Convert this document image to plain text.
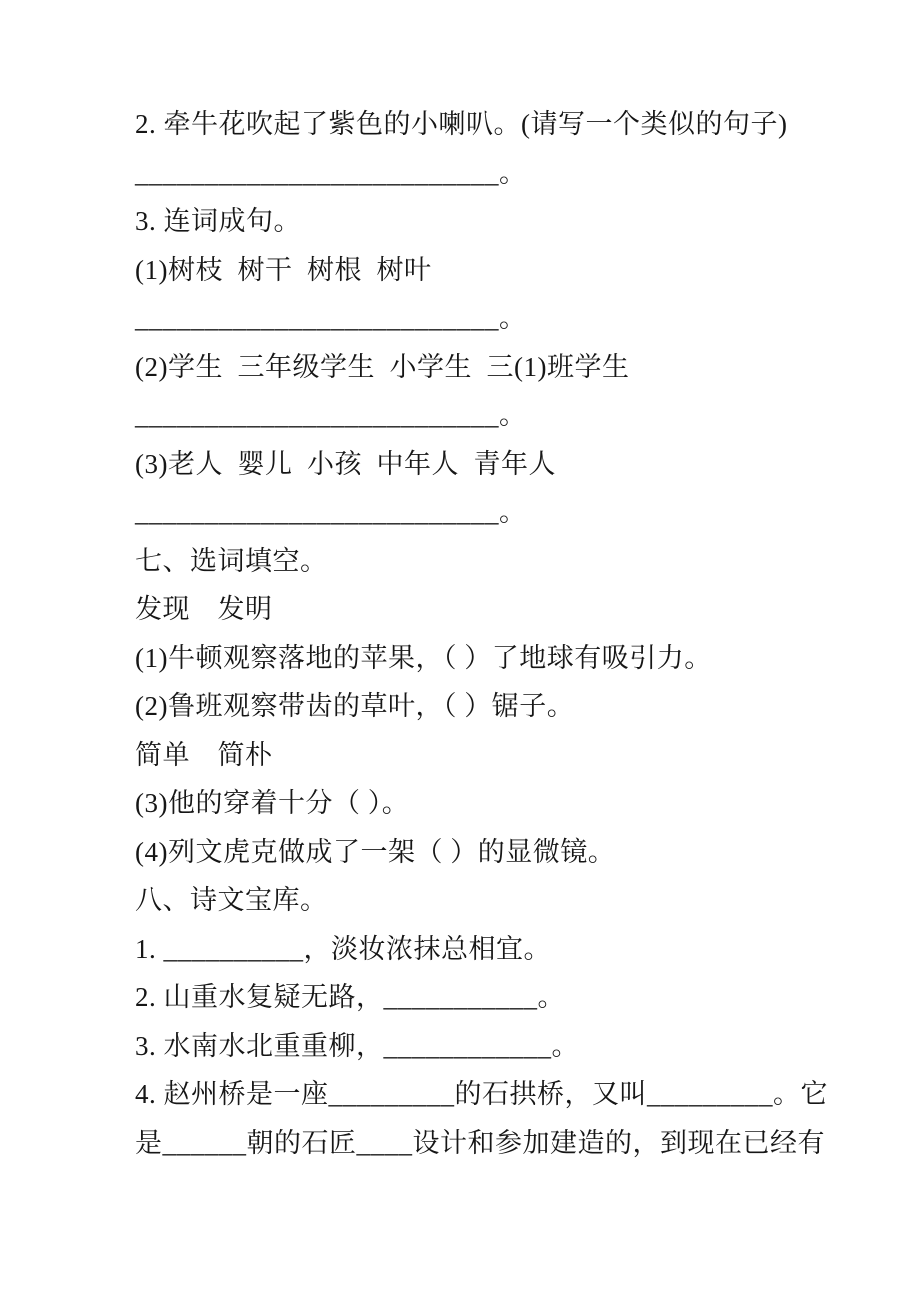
2. 牵牛花吹起了紫色的小喇叭。(请写一个类似的句子)
__________________________。
3. 连词成句。
(1)树枝  树干  树根  树叶
__________________________。
(2)学生  三年级学生  小学生  三(1)班学生
__________________________。
(3)老人  婴儿  小孩  中年人  青年人
__________________________。
七、选词填空。
发现　发明
(1)牛顿观察落地的苹果，（ ）了地球有吸引力。
(2)鲁班观察带齿的草叶，（ ）锯子。
简单　简朴
(3)他的穿着十分（ ）。
(4)列文虎克做成了一架（ ）的显微镜。
八、诗文宝库。
1. __________，淡妆浓抹总相宜。
2. 山重水复疑无路，___________。
3. 水南水北重重柳，____________。
4. 赵州桥是一座_________的石拱桥，又叫_________。它
是______朝的石匠____设计和参加建造的，到现在已经有
